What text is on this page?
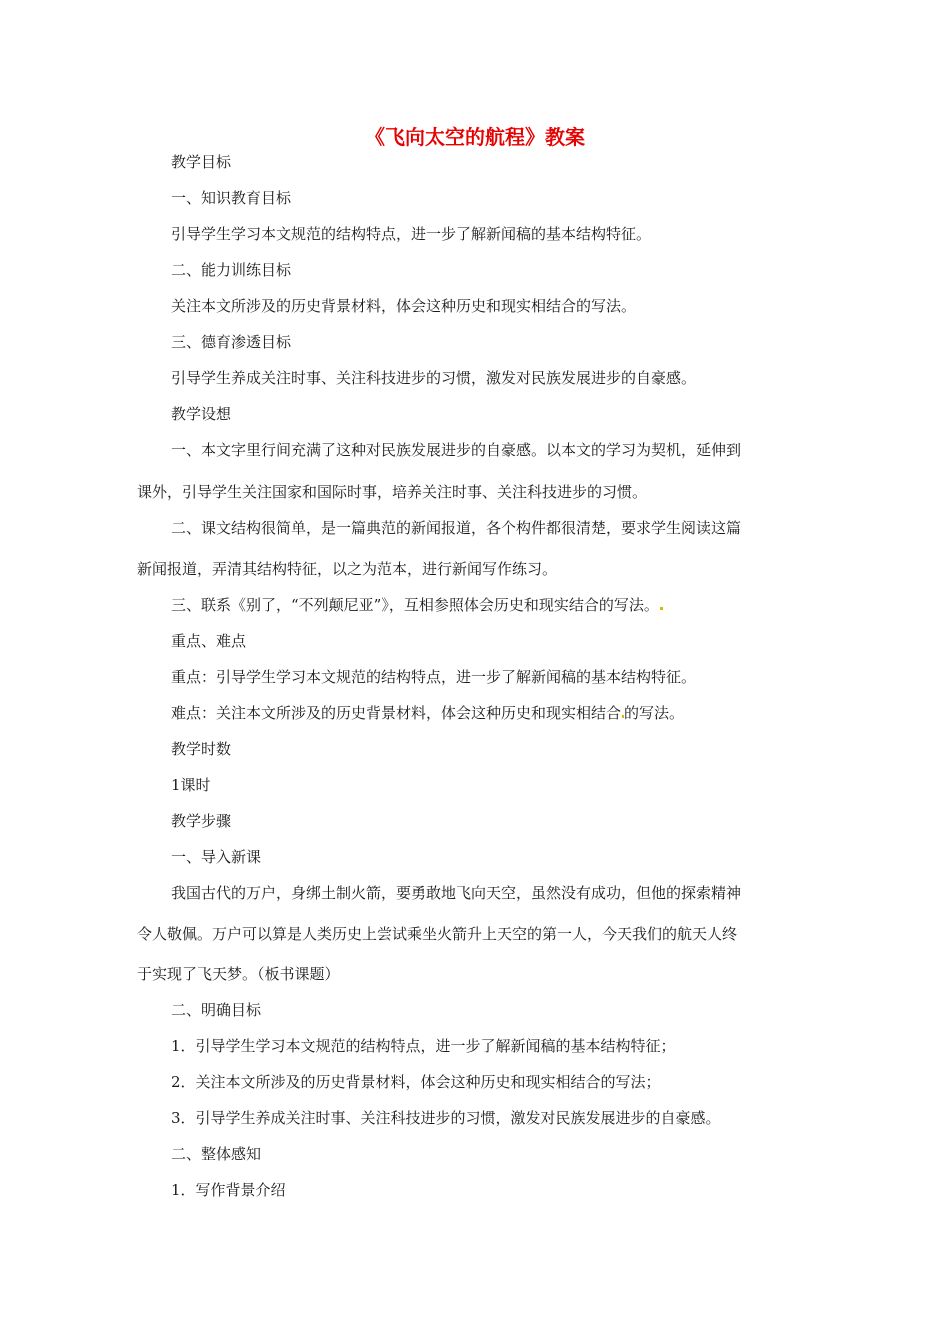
《飞向太空的航程》教案

教学目标

一、知识教育目标

引导学生学习本文规范的结构特点，进一步了解新闻稿的基本结构特征。

二、能力训练目标

关注本文所涉及的历史背景材料，体会这种历史和现实相结合的写法。

三、德育渗透目标

引导学生养成关注时事、关注科技进步的习惯，激发对民族发展进步的自豪感。

教学设想

一、本文字里行间充满了这种对民族发展进步的自豪感。以本文的学习为契机，延伸到

课外，引导学生关注国家和国际时事，培养关注时事、关注科技进步的习惯。

二、课文结构很简单，是一篇典范的新闻报道，各个构件都很清楚，要求学生阅读这篇

新闻报道，弄清其结构特征，以之为范本，进行新闻写作练习。

三、联系《别了，“不列颠尼亚”》，互相参照体会历史和现实结合的写法。

重点、难点

重点：引导学生学习本文规范的结构特点，进一步了解新闻稿的基本结构特征。

难点：关注本文所涉及的历史背景材料，体会这种历史和现实相结合 的写法。

教学时数

1课时

教学步骤

一、导入新课

我国古代的万户，身绑土制火箭，要勇敢地飞向天空，虽然没有成功，但他的探索精神

令人敬佩。万户可以算是人类历史上尝试乘坐火箭升上天空的第一人，今天我们的航天人终

于实现了飞天梦。（板书课题）

二、明确目标

1．引导学生学习本文规范的结构特点，进一步了解新闻稿的基本结构特征；

2．关注本文所涉及的历史背景材料，体会这种历史和现实相结合的写法；

3．引导学生养成关注时事、关注科技进步的习惯，激发对民族发展进步的自豪感。

二、整体感知

1．写作背景介绍
